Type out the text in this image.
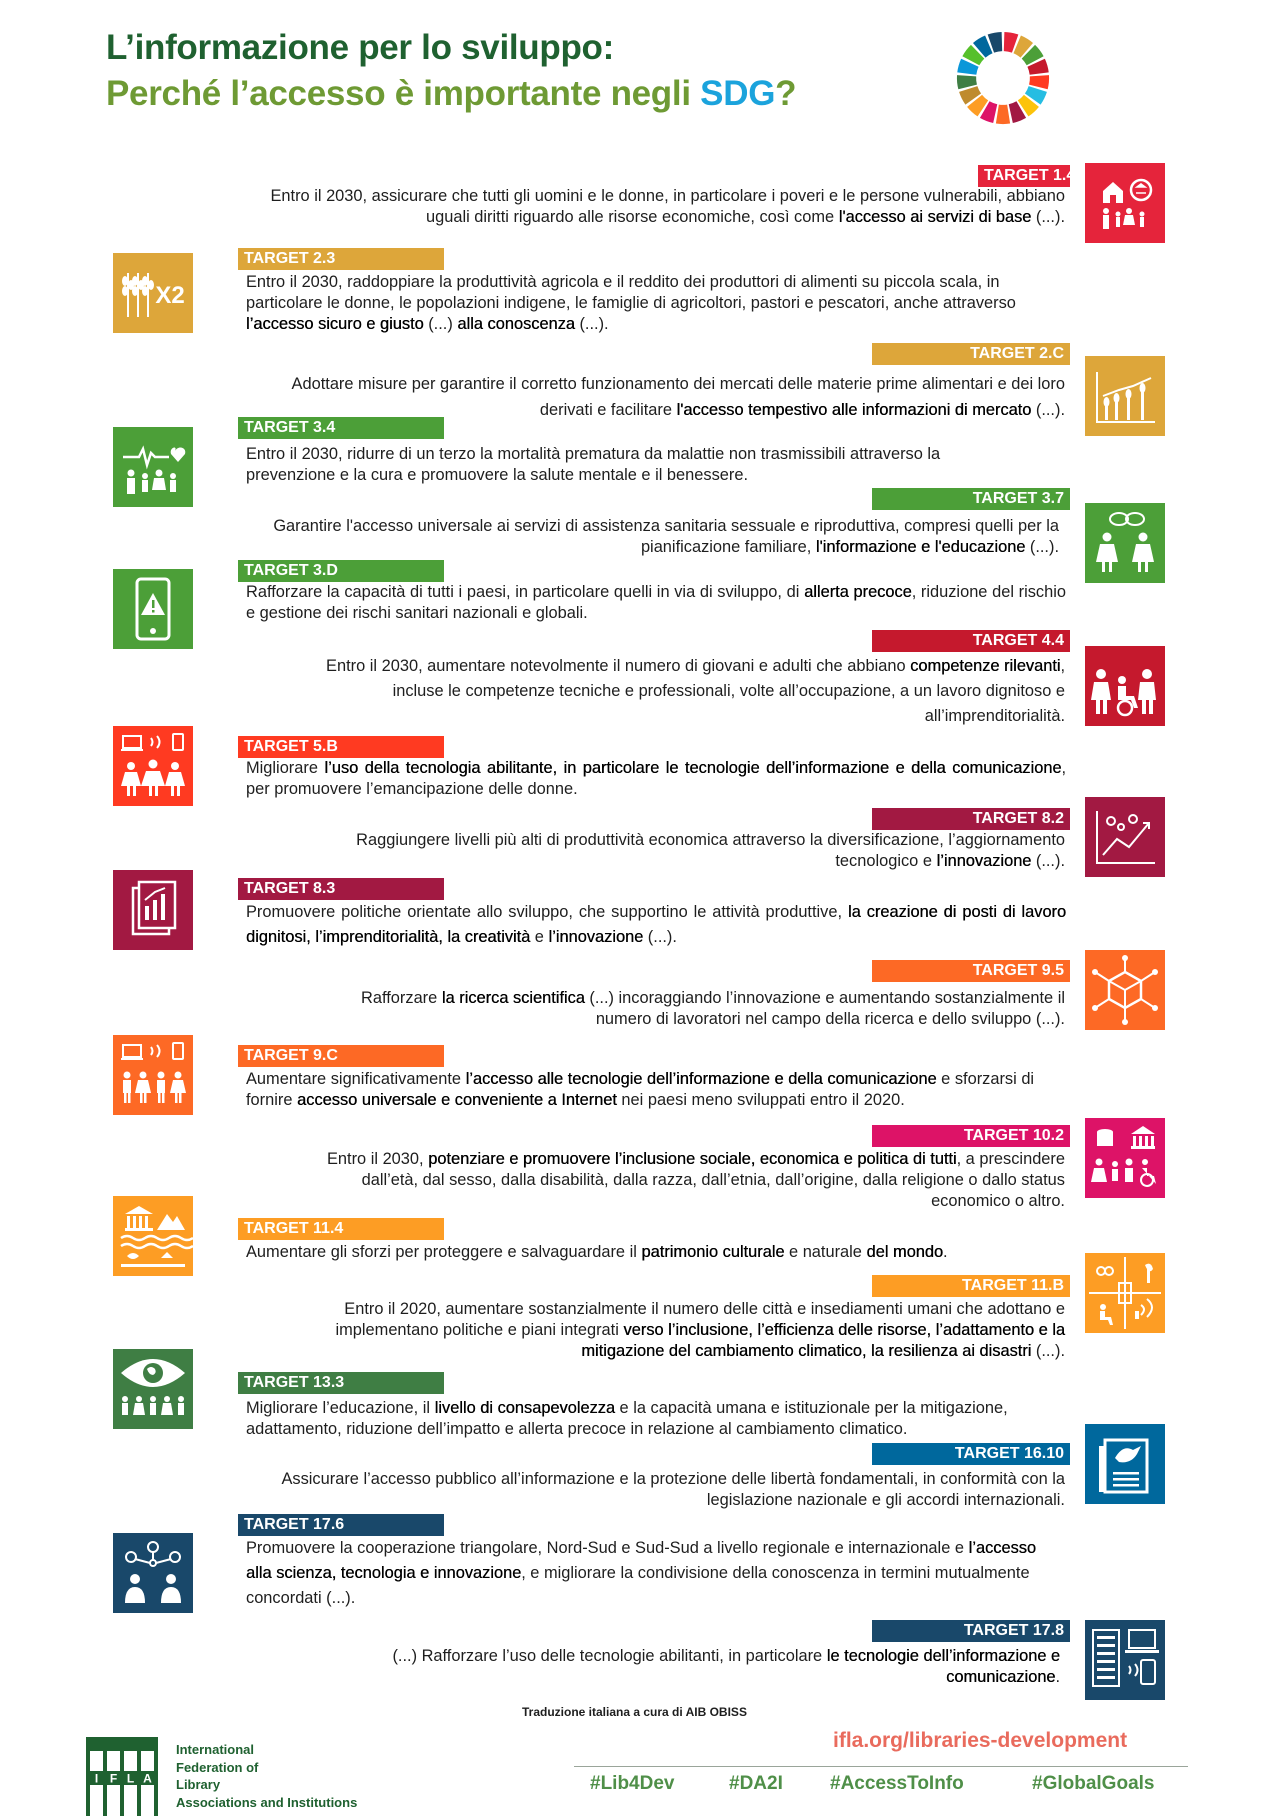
L’informazione per lo sviluppo:
Perché l’accesso è importante negli SDG?
TARGET 1.4
Entro il 2030, assicurare che tutti gli uomini e le donne, in particolare i poveri e le persone vulnerabili, abbiano uguali diritti riguardo alle risorse economiche, così come l'accesso ai servizi di base (...).
TARGET 2.3
Entro il 2030, raddoppiare la produttività agricola e il reddito dei produttori di alimenti su piccola scala, in particolare le donne, le popolazioni indigene, le famiglie di agricoltori, pastori e pescatori, anche attraverso l’accesso sicuro e giusto (...) alla conoscenza (...).
X2
TARGET 2.C
Adottare misure per garantire il corretto funzionamento dei mercati delle materie prime alimentari e dei loro derivati e facilitare l'accesso tempestivo alle informazioni di mercato (...).
TARGET 3.4
Entro il 2030, ridurre di un terzo la mortalità prematura da malattie non trasmissibili attraverso la prevenzione e la cura e promuovere la salute mentale e il benessere.
TARGET 3.7
Garantire l'accesso universale ai servizi di assistenza sanitaria sessuale e riproduttiva, compresi quelli per la pianificazione familiare, l'informazione e l'educazione (...).
TARGET 3.D
Rafforzare la capacità di tutti i paesi, in particolare quelli in via di sviluppo, di allerta precoce, riduzione del rischio e gestione dei rischi sanitari nazionali e globali.
TARGET 4.4
Entro il 2030, aumentare notevolmente il numero di giovani e adulti che abbiano competenze rilevanti, incluse le competenze tecniche e professionali, volte all’occupazione, a un lavoro dignitoso e all’imprenditorialità.
TARGET 5.B
Migliorare l’uso della tecnologia abilitante, in particolare le tecnologie dell’informazione e della comunicazione, per promuovere l’emancipazione delle donne.
TARGET 8.2
Raggiungere livelli più alti di produttività economica attraverso la diversificazione, l’aggiornamento tecnologico e l’innovazione (...).
TARGET 8.3
Promuovere politiche orientate allo sviluppo, che supportino le attività produttive, la creazione di posti di lavoro dignitosi, l’imprenditorialità, la creatività e l’innovazione (...).
TARGET 9.5
Rafforzare la ricerca scientifica (...) incoraggiando l’innovazione e aumentando sostanzialmente il numero di lavoratori nel campo della ricerca e dello sviluppo (...).
TARGET 9.C
Aumentare significativamente l’accesso alle tecnologie dell’informazione e della comunicazione e sforzarsi di fornire accesso universale e conveniente a Internet nei paesi meno sviluppati entro il 2020.
TARGET 10.2
Entro il 2030, potenziare e promuovere l’inclusione sociale, economica e politica di tutti, a prescindere dall’età, dal sesso, dalla disabilità, dalla razza, dall’etnia, dall’origine, dalla religione o dallo status economico o altro.
TARGET 11.4
Aumentare gli sforzi per proteggere e salvaguardare il patrimonio culturale e naturale del mondo.
TARGET 11.B
Entro il 2020, aumentare sostanzialmente il numero delle città e insediamenti umani che adottano e implementano politiche e piani integrati verso l’inclusione, l’efficienza delle risorse, l’adattamento e la mitigazione del cambiamento climatico, la resilienza ai disastri (...).
TARGET 13.3
Migliorare l’educazione, il livello di consapevolezza e la capacità umana e istituzionale per la mitigazione, adattamento, riduzione dell’impatto e allerta precoce in relazione al cambiamento climatico.
TARGET 16.10
Assicurare l’accesso pubblico all’informazione e la protezione delle libertà fondamentali, in conformità con la legislazione nazionale e gli accordi internazionali.
TARGET 17.6
Promuovere la cooperazione triangolare, Nord-Sud e Sud-Sud a livello regionale e internazionale e l’accesso alla scienza, tecnologia e innovazione, e migliorare la condivisione della conoscenza in termini mutualmente concordati (...).
TARGET 17.8
(...) Rafforzare l’uso delle tecnologie abilitanti, in particolare le tecnologie dell’informazione e comunicazione.
Traduzione italiana a cura di AIB OBISS
I F L A
International
Federation of
Library
Associations and Institutions
ifla.org/libraries-development
#Lib4Dev	#DA2I #AccessToInfo	#GlobalGoals
